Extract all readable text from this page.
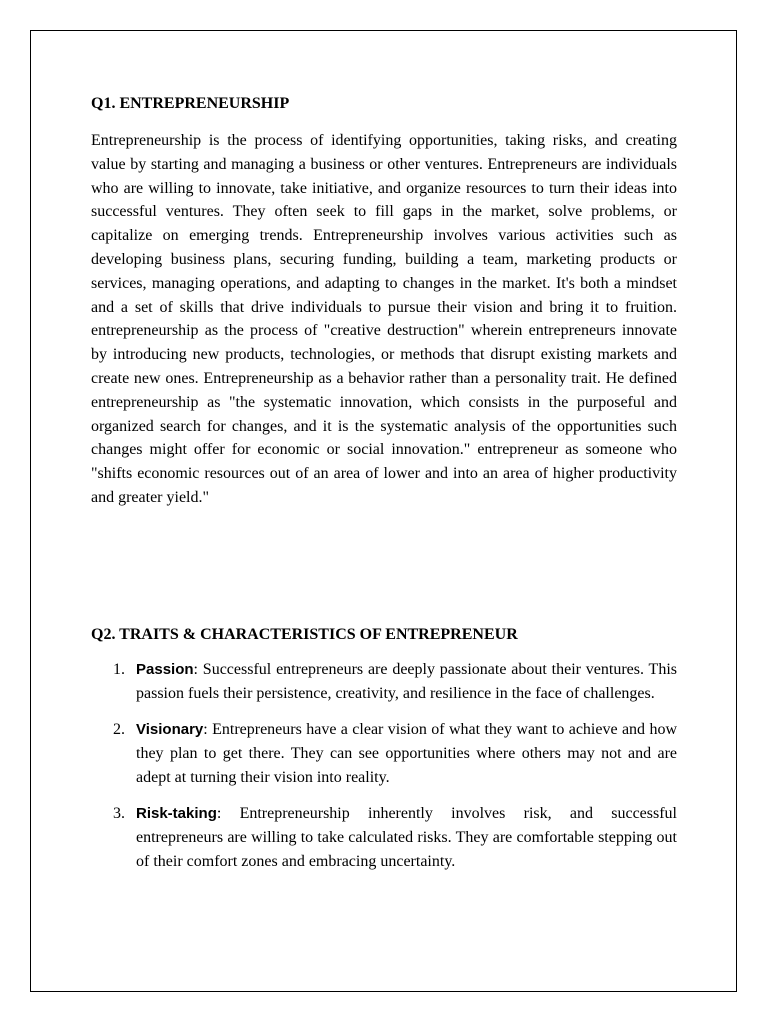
Q1. ENTREPRENEURSHIP

Entrepreneurship is the process of identifying opportunities, taking risks, and creating value by starting and managing a business or other ventures. Entrepreneurs are individuals who are willing to innovate, take initiative, and organize resources to turn their ideas into successful ventures. They often seek to fill gaps in the market, solve problems, or capitalize on emerging trends. Entrepreneurship involves various activities such as developing business plans, securing funding, building a team, marketing products or services, managing operations, and adapting to changes in the market. It's both a mindset and a set of skills that drive individuals to pursue their vision and bring it to fruition. entrepreneurship as the process of "creative destruction" wherein entrepreneurs innovate by introducing new products, technologies, or methods that disrupt existing markets and create new ones. Entrepreneurship as a behavior rather than a personality trait. He defined entrepreneurship as "the systematic innovation, which consists in the purposeful and organized search for changes, and it is the systematic analysis of the opportunities such changes might offer for economic or social innovation." entrepreneur as someone who "shifts economic resources out of an area of lower and into an area of higher productivity and greater yield."

Q2. TRAITS & CHARACTERISTICS OF ENTREPRENEUR
1. Passion: Successful entrepreneurs are deeply passionate about their ventures. This passion fuels their persistence, creativity, and resilience in the face of challenges.
2. Visionary: Entrepreneurs have a clear vision of what they want to achieve and how they plan to get there. They can see opportunities where others may not and are adept at turning their vision into reality.
3. Risk-taking: Entrepreneurship inherently involves risk, and successful entrepreneurs are willing to take calculated risks. They are comfortable stepping out of their comfort zones and embracing uncertainty.
